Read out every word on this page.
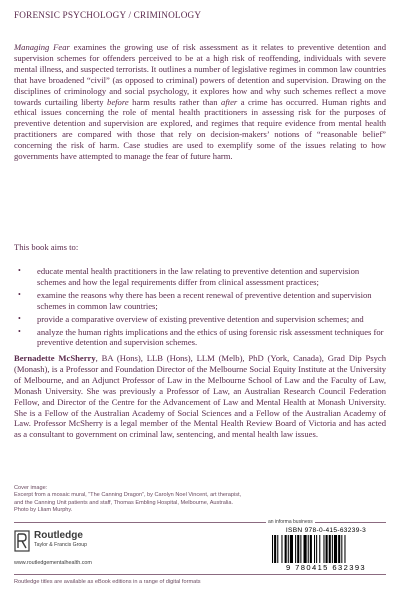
FORENSIC PSYCHOLOGY / CRIMINOLOGY
Managing Fear examines the growing use of risk assessment as it relates to preventive detention and supervision schemes for offenders perceived to be at a high risk of reoffending, individuals with severe mental illness, and suspected terrorists. It outlines a number of legislative regimes in common law countries that have broadened “civil” (as opposed to criminal) powers of detention and supervision. Drawing on the disciplines of criminology and social psychology, it explores how and why such schemes reflect a move towards curtailing liberty before harm results rather than after a crime has occurred. Human rights and ethical issues concerning the role of mental health practitioners in assessing risk for the purposes of preventive detention and supervision are explored, and regimes that require evidence from mental health practitioners are compared with those that rely on decision-makers’ notions of “reasonable belief” concerning the risk of harm. Case studies are used to exemplify some of the issues relating to how governments have attempted to manage the fear of future harm.
This book aims to:
• educate mental health practitioners in the law relating to preventive detention and supervision schemes and how the legal requirements differ from clinical assessment practices;
• examine the reasons why there has been a recent renewal of preventive detention and supervision schemes in common law countries;
• provide a comparative overview of existing preventive detention and supervision schemes; and
• analyze the human rights implications and the ethics of using forensic risk assessment techniques for preventive detention and supervision schemes.
Bernadette McSherry, BA (Hons), LLB (Hons), LLM (Melb), PhD (York, Canada), Grad Dip Psych (Monash), is a Professor and Foundation Director of the Melbourne Social Equity Institute at the University of Melbourne, and an Adjunct Professor of Law in the Melbourne School of Law and the Faculty of Law, Monash University. She was previously a Professor of Law, an Australian Research Council Federation Fellow, and Director of the Centre for the Advancement of Law and Mental Health at Monash University. She is a Fellow of the Australian Academy of Social Sciences and a Fellow of the Australian Academy of Law. Professor McSherry is a legal member of the Mental Health Review Board of Victoria and has acted as a consultant to government on criminal law, sentencing, and mental health law issues.
Cover image:
Excerpt from a mosaic mural, “The Canning Dragon”, by Carolyn Noel Vincent, art therapist,
and the Canning Unit patients and staff, Thomas Embling Hospital, Melbourne, Australia.
Photo by Lliam Murphy.
Routledge
Taylor & Francis Group
www.routledgementalhealth.com
an informa business
ISBN 978-0-415-63239-3
9 780415 632393
Routledge titles are available as eBook editions in a range of digital formats
